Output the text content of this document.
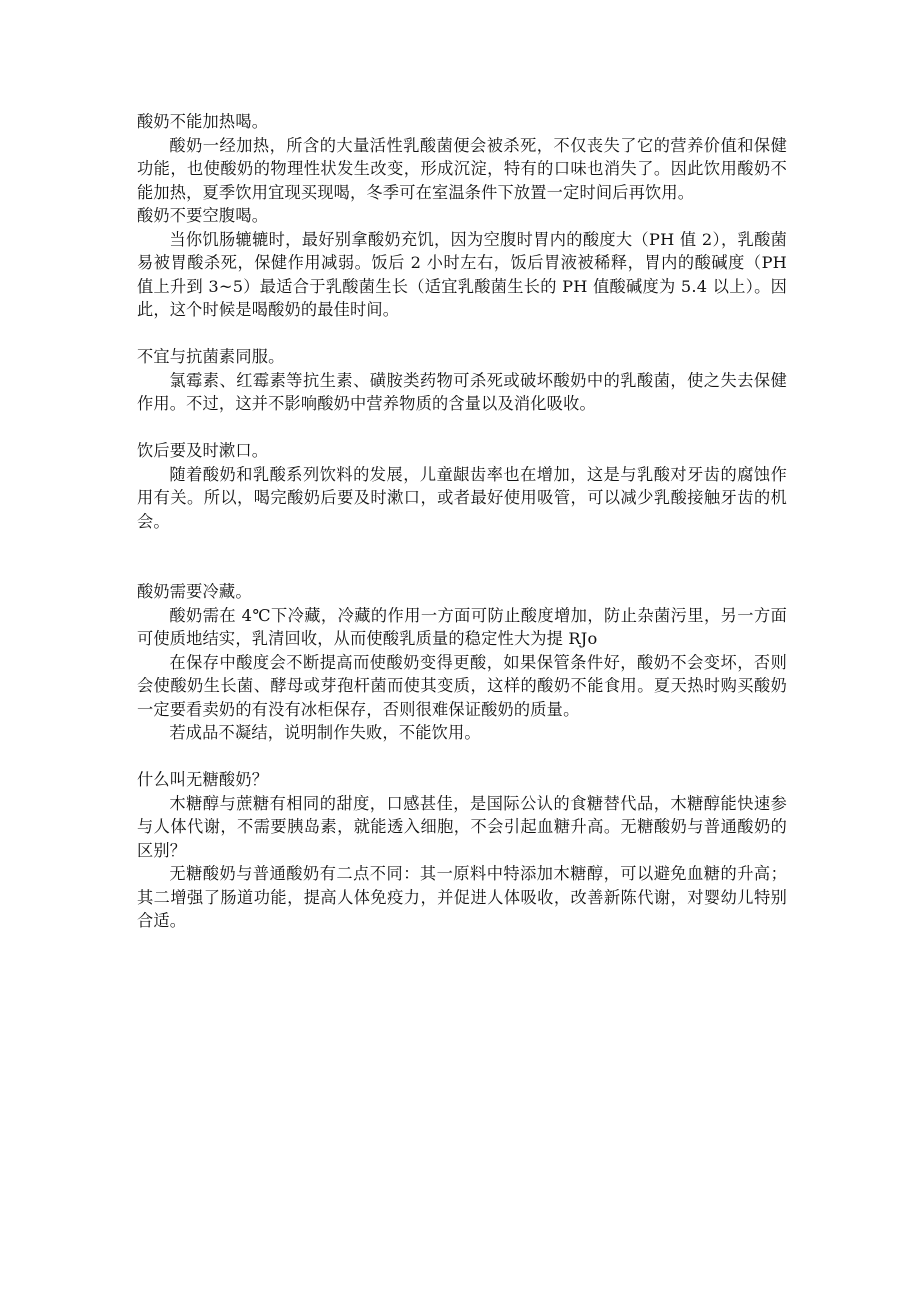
酸奶不能加热喝。

酸奶一经加热，所含的大量活性乳酸菌便会被杀死，不仅丧失了它的营养价值和保健功能，也使酸奶的物理性状发生改变，形成沉淀，特有的口味也消失了。因此饮用酸奶不能加热，夏季饮用宜现买现喝，冬季可在室温条件下放置一定时间后再饮用。

酸奶不要空腹喝。

当你饥肠辘辘时，最好别拿酸奶充饥，因为空腹时胃内的酸度大（PH 值 2），乳酸菌易被胃酸杀死，保健作用减弱。饭后 2 小时左右，饭后胃液被稀释，胃内的酸碱度（PH 值上升到 3~5）最适合于乳酸菌生长（适宜乳酸菌生长的 PH 值酸碱度为 5.4 以上）。因此，这个时候是喝酸奶的最佳时间。

不宜与抗菌素同服。

氯霉素、红霉素等抗生素、磺胺类药物可杀死或破坏酸奶中的乳酸菌，使之失去保健作用。不过，这并不影响酸奶中营养物质的含量以及消化吸收。

饮后要及时漱口。

随着酸奶和乳酸系列饮料的发展，儿童龈齿率也在增加，这是与乳酸对牙齿的腐蚀作用有关。所以，喝完酸奶后要及时漱口，或者最好使用吸管，可以减少乳酸接触牙齿的机会。

酸奶需要冷藏。

酸奶需在 4℃下冷藏，冷藏的作用一方面可防止酸度增加，防止杂菌污里，另一方面可使质地结实，乳清回收，从而使酸乳质量的稳定性大为提 RJo

在保存中酸度会不断提高而使酸奶变得更酸，如果保管条件好，酸奶不会变坏，否则会使酸奶生长菌、酵母或芽孢杆菌而使其变质，这样的酸奶不能食用。夏天热时购买酸奶一定要看卖奶的有没有冰柜保存，否则很难保证酸奶的质量。

若成品不凝结，说明制作失败，不能饮用。

什么叫无糖酸奶？

木糖醇与蔗糖有相同的甜度，口感甚佳，是国际公认的食糖替代品，木糖醇能快速参与人体代谢，不需要胰岛素，就能透入细胞，不会引起血糖升高。无糖酸奶与普通酸奶的区别？

无糖酸奶与普通酸奶有二点不同：其一原料中特添加木糖醇，可以避免血糖的升高；其二增强了肠道功能，提高人体免疫力，并促进人体吸收，改善新陈代谢，对婴幼儿特别合适。
